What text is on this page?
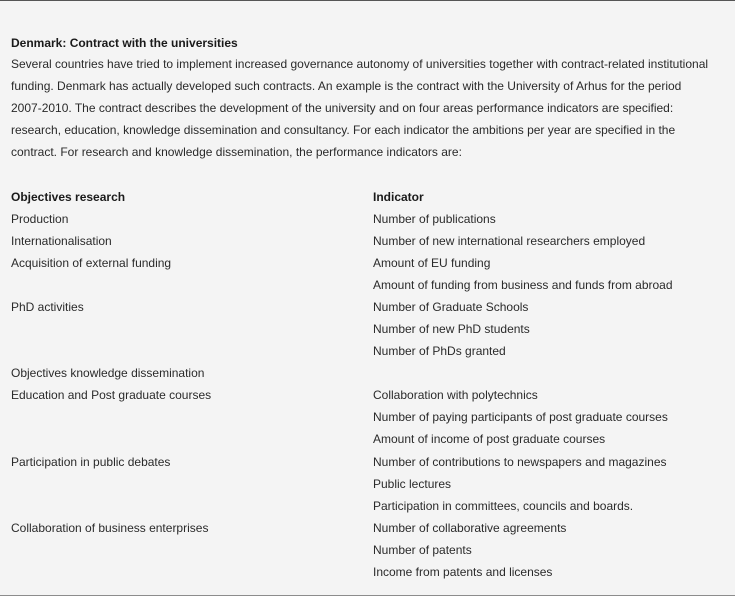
Denmark: Contract with the universities
Several countries have tried to implement increased governance autonomy of universities together with contract-related institutional
funding. Denmark has actually developed such contracts. An example is the contract with the University of Arhus for the period
2007-2010. The contract describes the development of the university and on four areas performance indicators are specified:
research, education, knowledge dissemination and consultancy. For each indicator the ambitions per year are specified in the
contract. For research and knowledge dissemination, the performance indicators are:
Objectives research	Indicator
Production
Internationalisation
Acquisition of external funding
PhD activities
Objectives knowledge dissemination
Education and Post graduate courses
Participation in public debates
Collaboration of business enterprises
Number of publications
Number of new international researchers employed
Amount of EU funding
Amount of funding from business and funds from abroad
Number of Graduate Schools
Number of new PhD students
Number of PhDs granted
Collaboration with polytechnics
Number of paying participants of post graduate courses
Amount of income of post graduate courses
Number of contributions to newspapers and magazines
Public lectures
Participation in committees, councils and boards.
Number of collaborative agreements
Number of patents
Income from patents and licenses
